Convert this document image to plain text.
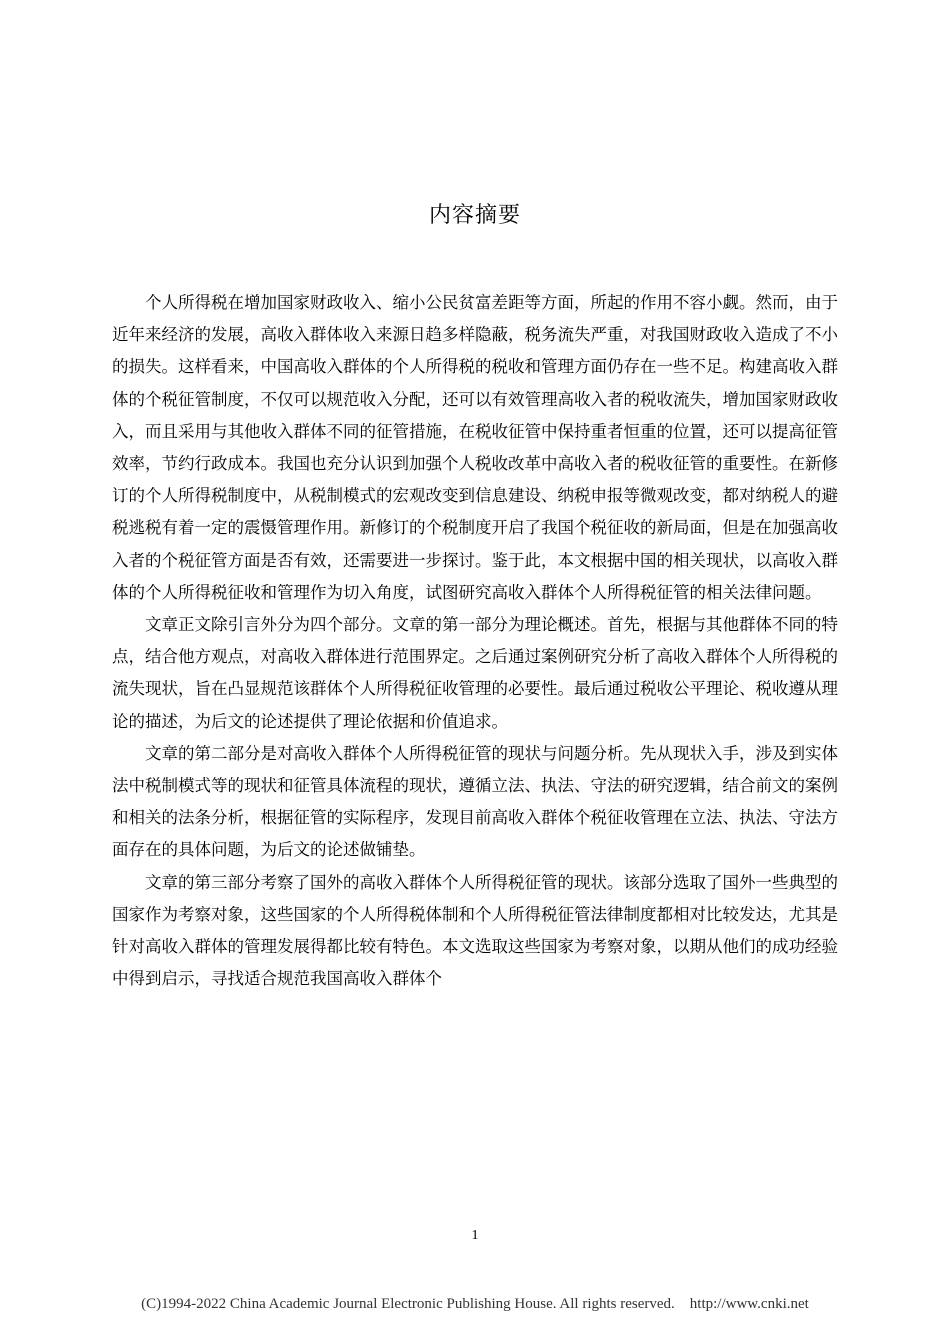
内容摘要

个人所得税在增加国家财政收入、缩小公民贫富差距等方面，所起的作用不容小觑。然而，由于近年来经济的发展，高收入群体收入来源日趋多样隐蔽，税务流失严重，对我国财政收入造成了不小的损失。这样看来，中国高收入群体的个人所得税的税收和管理方面仍存在一些不足。构建高收入群体的个税征管制度，不仅可以规范收入分配，还可以有效管理高收入者的税收流失，增加国家财政收入，而且采用与其他收入群体不同的征管措施，在税收征管中保持重者恒重的位置，还可以提高征管效率，节约行政成本。我国也充分认识到加强个人税收改革中高收入者的税收征管的重要性。在新修订的个人所得税制度中，从税制模式的宏观改变到信息建设、纳税申报等微观改变，都对纳税人的避税逃税有着一定的震慑管理作用。新修订的个税制度开启了我国个税征收的新局面，但是在加强高收入者的个税征管方面是否有效，还需要进一步探讨。鉴于此，本文根据中国的相关现状，以高收入群体的个人所得税征收和管理作为切入角度，试图研究高收入群体个人所得税征管的相关法律问题。

文章正文除引言外分为四个部分。文章的第一部分为理论概述。首先，根据与其他群体不同的特点，结合他方观点，对高收入群体进行范围界定。之后通过案例研究分析了高收入群体个人所得税的流失现状，旨在凸显规范该群体个人所得税征收管理的必要性。最后通过税收公平理论、税收遵从理论的描述，为后文的论述提供了理论依据和价值追求。

文章的第二部分是对高收入群体个人所得税征管的现状与问题分析。先从现状入手，涉及到实体法中税制模式等的现状和征管具体流程的现状，遵循立法、执法、守法的研究逻辑，结合前文的案例和相关的法条分析，根据征管的实际程序，发现目前高收入群体个税征收管理在立法、执法、守法方面存在的具体问题，为后文的论述做铺垫。

文章的第三部分考察了国外的高收入群体个人所得税征管的现状。该部分选取了国外一些典型的国家作为考察对象，这些国家的个人所得税体制和个人所得税征管法律制度都相对比较发达，尤其是针对高收入群体的管理发展得都比较有特色。本文选取这些国家为考察对象，以期从他们的成功经验中得到启示，寻找适合规范我国高收入群体个

1
(C)1994-2022 China Academic Journal Electronic Publishing House. All rights reserved.    http://www.cnki.net
